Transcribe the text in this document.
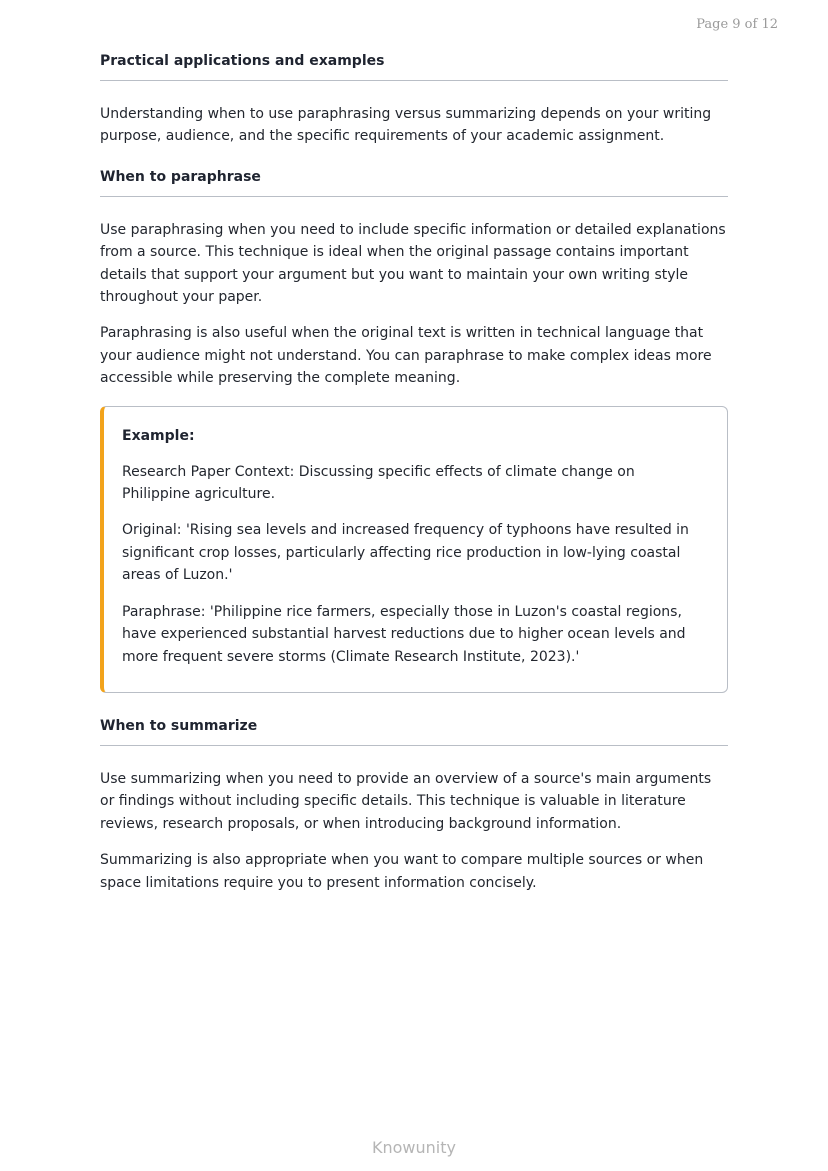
Page 9 of 12
Practical applications and examples

Understanding when to use paraphrasing versus summarizing depends on your writing purpose, audience, and the specific requirements of your academic assignment.

When to paraphrase

Use paraphrasing when you need to include specific information or detailed explanations from a source. This technique is ideal when the original passage contains important details that support your argument but you want to maintain your own writing style throughout your paper.

Paraphrasing is also useful when the original text is written in technical language that your audience might not understand. You can paraphrase to make complex ideas more accessible while preserving the complete meaning.

Example:

Research Paper Context: Discussing specific effects of climate change on Philippine agriculture.

Original: 'Rising sea levels and increased frequency of typhoons have resulted in significant crop losses, particularly affecting rice production in low-lying coastal areas of Luzon.'

Paraphrase: 'Philippine rice farmers, especially those in Luzon's coastal regions, have experienced substantial harvest reductions due to higher ocean levels and more frequent severe storms (Climate Research Institute, 2023).'

When to summarize

Use summarizing when you need to provide an overview of a source's main arguments or findings without including specific details. This technique is valuable in literature reviews, research proposals, or when introducing background information.

Summarizing is also appropriate when you want to compare multiple sources or when space limitations require you to present information concisely.

Knowunity
